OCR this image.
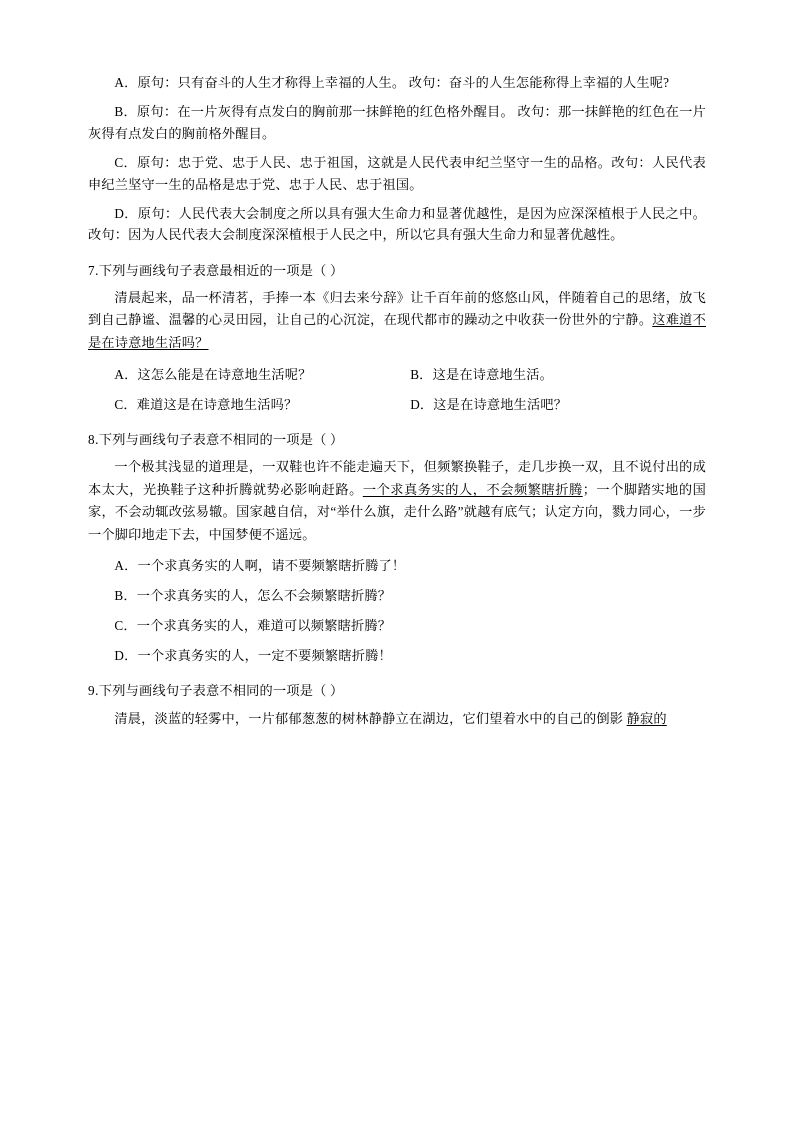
A．原句：只有奋斗的人生才称得上幸福的人生。 改句：奋斗的人生怎能称得上幸福的人生呢?

B．原句：在一片灰得有点发白的胸前那一抹鲜艳的红色格外醒目。 改句：那一抹鲜艳的红色在一片灰得有点发白的胸前格外醒目。

C．原句：忠于党、忠于人民、忠于祖国，这就是人民代表申纪兰坚守一生的品格。改句：人民代表申纪兰坚守一生的品格是忠于党、忠于人民、忠于祖国。

D．原句：人民代表大会制度之所以具有强大生命力和显著优越性，是因为应深深植根于人民之中。 改句：因为人民代表大会制度深深植根于人民之中，所以它具有强大生命力和显著优越性。

7.下列与画线句子表意最相近的一项是（ ）

清晨起来，品一杯清茗，手捧一本《归去来兮辞》让千百年前的悠悠山风，伴随着自己的思绪，放飞到自己静谧、温馨的心灵田园，让自己的心沉淀，在现代都市的躁动之中收获一份世外的宁静。这难道不是在诗意地生活吗？

A．这怎么能是在诗意地生活呢？	B．这是在诗意地生活。
C．难道这是在诗意地生活吗？	D．这是在诗意地生活吧？

8.下列与画线句子表意不相同的一项是（ ）

一个极其浅显的道理是，一双鞋也许不能走遍天下，但频繁换鞋子，走几步换一双，且不说付出的成本太大，光换鞋子这种折腾就势必影响赶路。一个求真务实的人，不会频繁瞎折腾；一个脚踏实地的国家，不会动辄改弦易辙。国家越自信，对“举什么旗，走什么路”就越有底气；认定方向，戮力同心，一步一个脚印地走下去，中国梦便不遥远。

A．一个求真务实的人啊，请不要频繁瞎折腾了！
B．一个求真务实的人，怎么不会频繁瞎折腾？
C．一个求真务实的人，难道可以频繁瞎折腾？
D．一个求真务实的人，一定不要频繁瞎折腾！

9.下列与画线句子表意不相同的一项是（ ）

清晨，淡蓝的轻雾中，一片郁郁葱葱的树林静静立在湖边，它们望着水中的自己的倒影 静寂的
